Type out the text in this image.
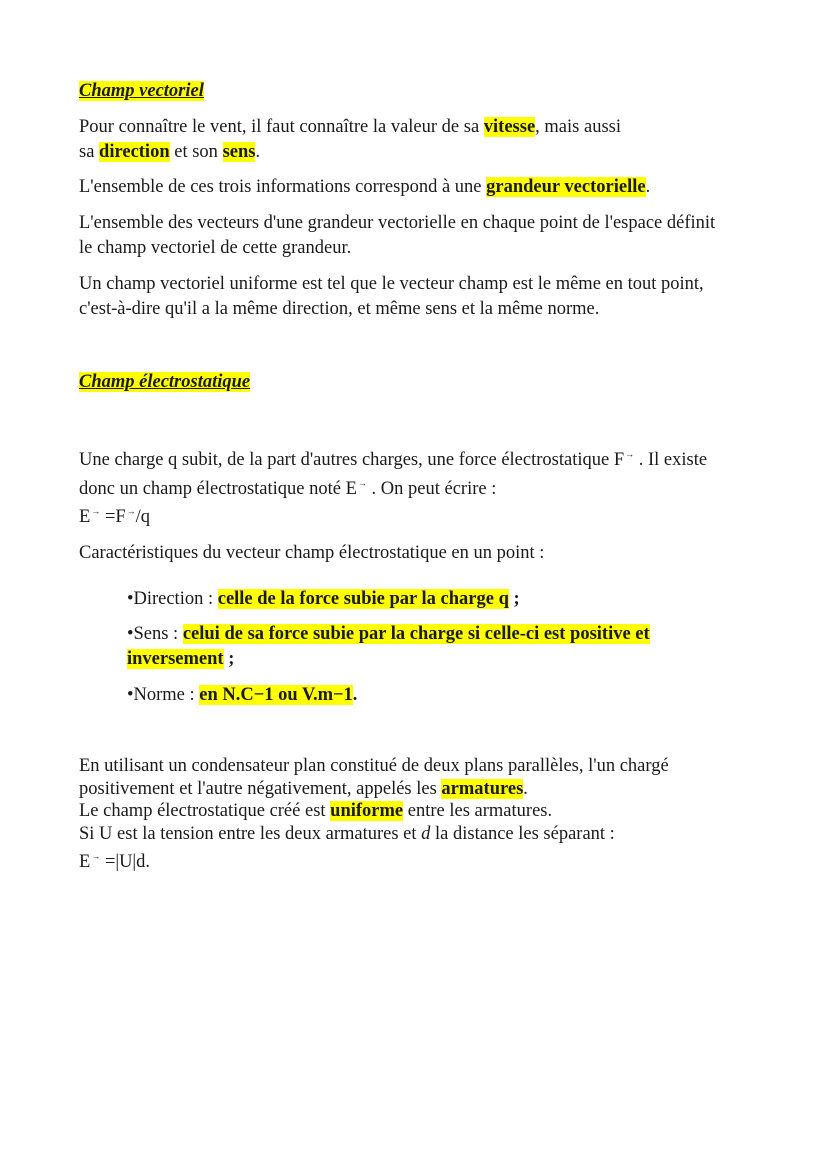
Champ vectoriel

Pour connaître le vent, il faut connaître la valeur de sa vitesse, mais aussi
sa direction et son sens.

L'ensemble de ces trois informations correspond à une grandeur vectorielle.

L'ensemble des vecteurs d'une grandeur vectorielle en chaque point de l'espace définit
le champ vectoriel de cette grandeur.

Un champ vectoriel uniforme est tel que le vecteur champ est le même en tout point,
c'est-à-dire qu'il a la même direction, et même sens et la même norme.

Champ électrostatique

Une charge q subit, de la part d'autres charges, une force électrostatique F→ . Il existe
donc un champ électrostatique noté E→ . On peut écrire :
E→ =F→/q

Caractéristiques du vecteur champ électrostatique en un point :

•Direction : celle de la force subie par la charge q ;

•Sens : celui de sa force subie par la charge si celle-ci est positive et
inversement ;

•Norme : en N.C−1 ou V.m−1.

En utilisant un condensateur plan constitué de deux plans parallèles, l'un chargé
positivement et l'autre négativement, appelés les armatures.
Le champ électrostatique créé est uniforme entre les armatures.
Si U est la tension entre les deux armatures et d la distance les séparant :
E→ =|U|d.
